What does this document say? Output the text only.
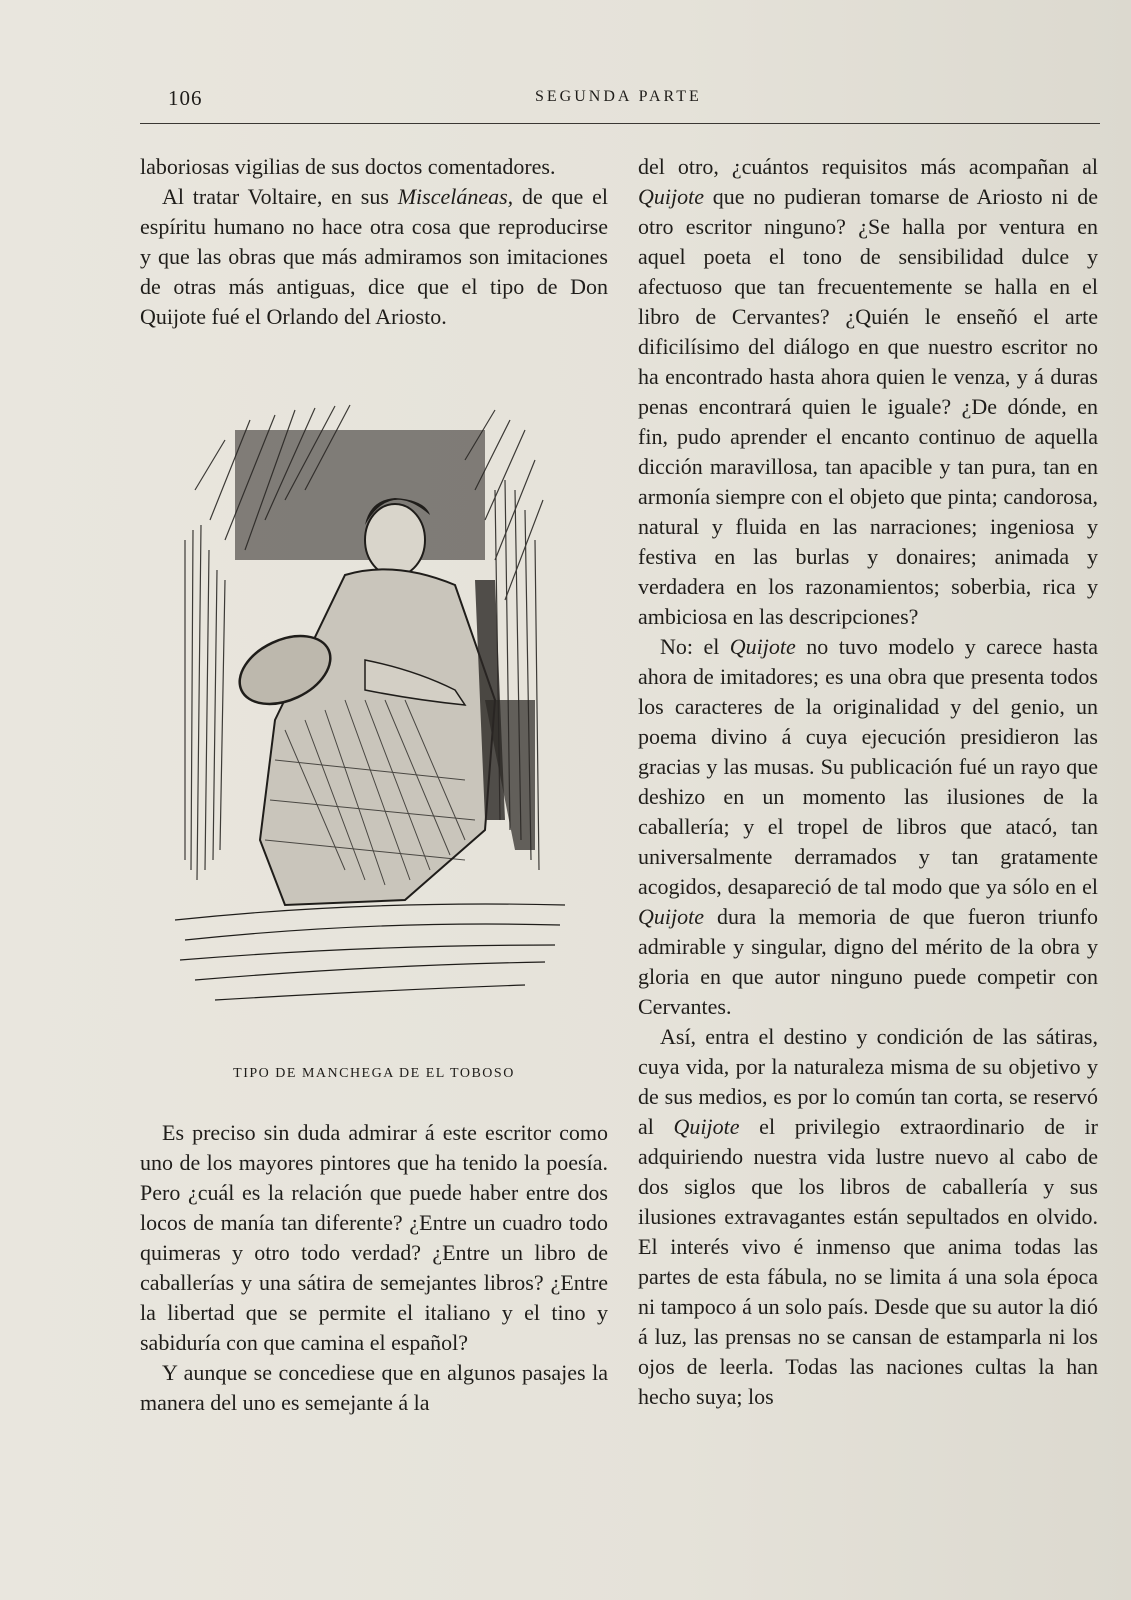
106	SEGUNDA PARTE

laboriosas vigilias de sus doctos comentadores.

Al tratar Voltaire, en sus Misceláneas, de que el espíritu humano no hace otra cosa que reproducirse y que las obras que más admiramos son imitaciones de otras más antiguas, dice que el tipo de Don Quijote fué el Orlando del Ariosto.

TIPO DE MANCHEGA DE EL TOBOSO

Es preciso sin duda admirar á este escritor como uno de los mayores pintores que ha tenido la poesía. Pero ¿cuál es la relación que puede haber entre dos locos de manía tan diferente? ¿Entre un cuadro todo quimeras y otro todo verdad? ¿Entre un libro de caballerías y una sátira de semejantes libros? ¿Entre la libertad que se permite el italiano y el tino y sabiduría con que camina el español?

Y aunque se concediese que en algunos pasajes la manera del uno es semejante á la

del otro, ¿cuántos requisitos más acompañan al Quijote que no pudieran tomarse de Ariosto ni de otro escritor ninguno? ¿Se halla por ventura en aquel poeta el tono de sensibilidad dulce y afectuoso que tan frecuentemente se halla en el libro de Cervantes? ¿Quién le enseñó el arte dificilísimo del diálogo en que nuestro escritor no ha encontrado hasta ahora quien le venza, y á duras penas encontrará quien le iguale? ¿De dónde, en fin, pudo aprender el encanto continuo de aquella dicción maravillosa, tan apacible y tan pura, tan en armonía siempre con el objeto que pinta; candorosa, natural y fluida en las narraciones; ingeniosa y festiva en las burlas y donaires; animada y verdadera en los razonamientos; soberbia, rica y ambiciosa en las descripciones?

No: el Quijote no tuvo modelo y carece hasta ahora de imitadores; es una obra que presenta todos los caracteres de la originalidad y del genio, un poema divino á cuya ejecución presidieron las gracias y las musas. Su publicación fué un rayo que deshizo en un momento las ilusiones de la caballería; y el tropel de libros que atacó, tan universalmente derramados y tan gratamente acogidos, desapareció de tal modo que ya sólo en el Quijote dura la memoria de que fueron triunfo admirable y singular, digno del mérito de la obra y gloria en que autor ninguno puede competir con Cervantes.

Así, entra el destino y condición de las sátiras, cuya vida, por la naturaleza misma de su objetivo y de sus medios, es por lo común tan corta, se reservó al Quijote el privilegio extraordinario de ir adquiriendo nuestra vida lustre nuevo al cabo de dos siglos que los libros de caballería y sus ilusiones extravagantes están sepultados en olvido. El interés vivo é inmenso que anima todas las partes de esta fábula, no se limita á una sola época ni tampoco á un solo país. Desde que su autor la dió á luz, las prensas no se cansan de estamparla ni los ojos de leerla. Todas las naciones cultas la han hecho suya; los
